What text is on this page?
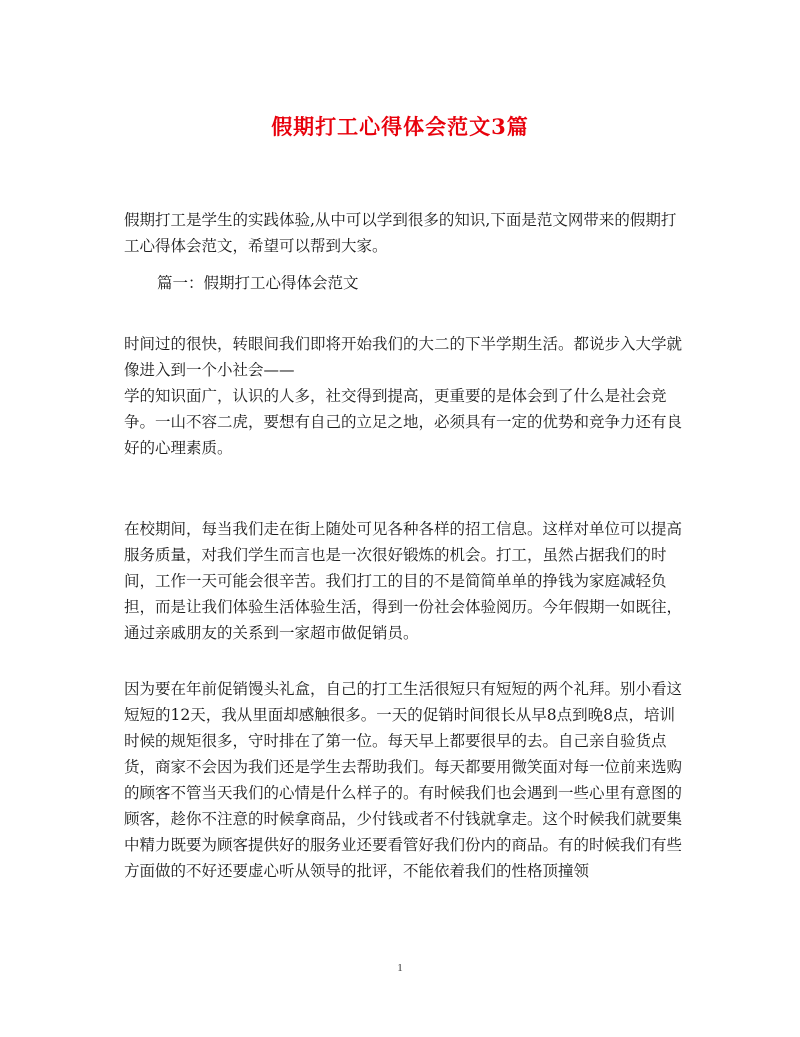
假期打工心得体会范文3篇

假期打工是学生的实践体验,从中可以学到很多的知识,下面是范文网带来的假期打工心得体会范文，希望可以帮到大家。

篇一：假期打工心得体会范文

时间过的很快，转眼间我们即将开始我们的大二的下半学期生活。都说步入大学就像进入到一个小社会——
学的知识面广，认识的人多，社交得到提高，更重要的是体会到了什么是社会竞争。一山不容二虎，要想有自己的立足之地，必须具有一定的优势和竞争力还有良好的心理素质。

在校期间，每当我们走在街上随处可见各种各样的招工信息。这样对单位可以提高服务质量，对我们学生而言也是一次很好锻炼的机会。打工，虽然占据我们的时间，工作一天可能会很辛苦。我们打工的目的不是简简单单的挣钱为家庭减轻负担，而是让我们体验生活体验生活，得到一份社会体验阅历。今年假期一如既往，通过亲戚朋友的关系到一家超市做促销员。

因为要在年前促销馒头礼盒，自己的打工生活很短只有短短的两个礼拜。别小看这短短的12天，我从里面却感触很多。一天的促销时间很长从早8点到晚8点，培训时候的规矩很多，守时排在了第一位。每天早上都要很早的去。自己亲自验货点货，商家不会因为我们还是学生去帮助我们。每天都要用微笑面对每一位前来选购的顾客不管当天我们的心情是什么样子的。有时候我们也会遇到一些心里有意图的顾客，趁你不注意的时候拿商品，少付钱或者不付钱就拿走。这个时候我们就要集中精力既要为顾客提供好的服务业还要看管好我们份内的商品。有的时候我们有些方面做的不好还要虚心听从领导的批评，不能依着我们的性格顶撞领

1
